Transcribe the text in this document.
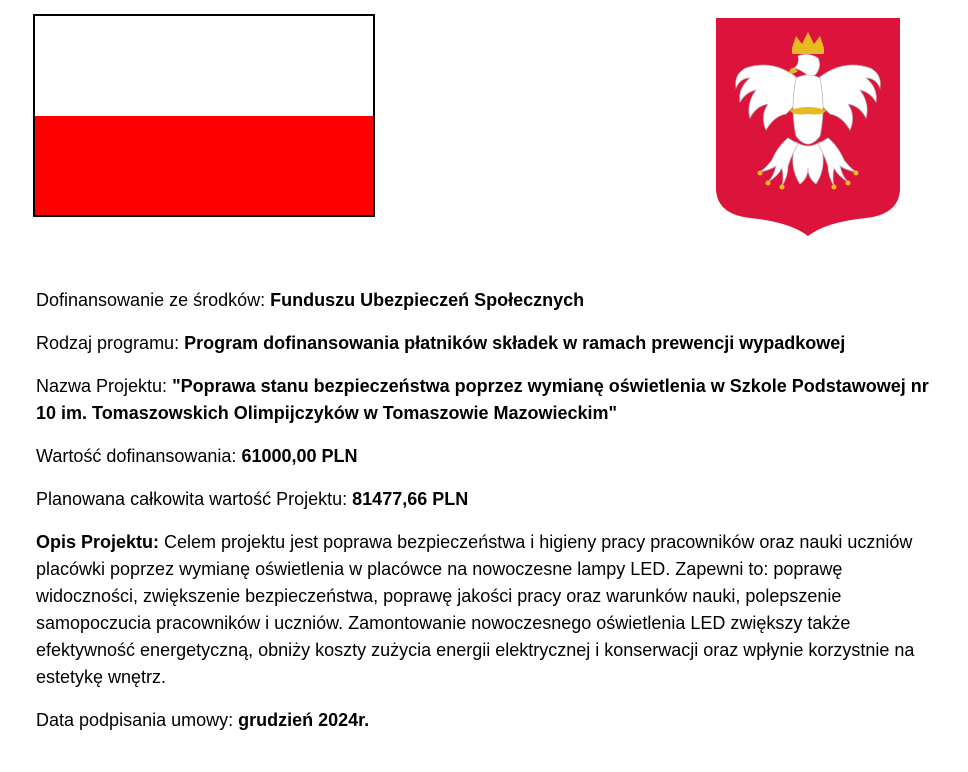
Dofinansowanie ze środków: Funduszu Ubezpieczeń Społecznych

Rodzaj programu: Program dofinansowania płatników składek w ramach prewencji wypadkowej

Nazwa Projektu: "Poprawa stanu bezpieczeństwa poprzez wymianę oświetlenia w Szkole Podstawowej nr 10 im. Tomaszowskich Olimpijczyków w Tomaszowie Mazowieckim"

Wartość dofinansowania: 61000,00 PLN

Planowana całkowita wartość Projektu: 81477,66 PLN

Opis Projektu: Celem projektu jest poprawa bezpieczeństwa i higieny pracy pracowników oraz nauki uczniów placówki poprzez wymianę oświetlenia w placówce na nowoczesne lampy LED. Zapewni to: poprawę widoczności, zwiększenie bezpieczeństwa, poprawę jakości pracy oraz warunków nauki, polepszenie samopoczucia pracowników i uczniów. Zamontowanie nowoczesnego oświetlenia LED zwiększy także efektywność energetyczną, obniży koszty zużycia energii elektrycznej i konserwacji oraz wpłynie korzystnie na estetykę wnętrz.

Data podpisania umowy: grudzień 2024r.
